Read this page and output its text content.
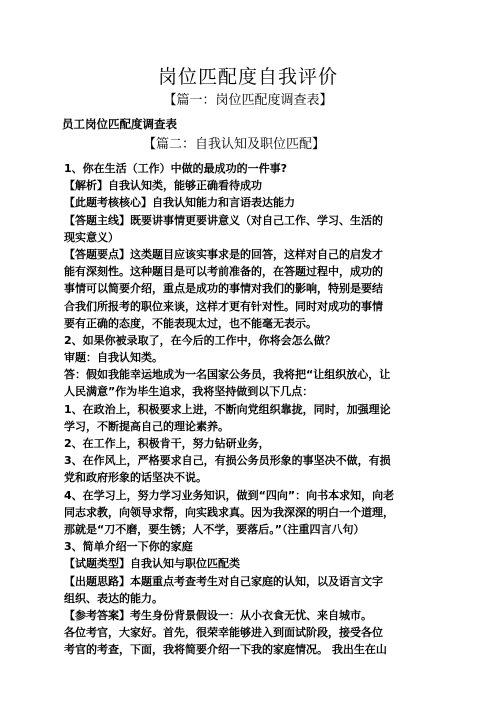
岗位匹配度自我评价
【篇一：岗位匹配度调查表】
员工岗位匹配度调查表
【篇二：自我认知及职位匹配】
1、你在生活（工作）中做的最成功的一件事?
【解析】自我认知类，能够正确看待成功
【此题考核核心】自我认知能力和言语表达能力
【答题主线】既要讲事情更要讲意义（对自己工作、学习、生活的
现实意义）
【答题要点】这类题目应该实事求是的回答，这样对自己的启发才
能有深刻性。这种题目是可以考前准备的，在答题过程中，成功的
事情可以简要介绍，重点是成功的事情对我们的影响，特别是要结
合我们所报考的职位来谈，这样才更有针对性。同时对成功的事情
要有正确的态度，不能表现太过，也不能毫无表示。
2、如果你被录取了，在今后的工作中，你将会怎么做？
审题：自我认知类。
答：假如我能幸运地成为一名国家公务员，我将把“让组织放心，让
人民满意”作为毕生追求，我将坚持做到以下几点：
1、在政治上，积极要求上进，不断向党组织靠拢，同时，加强理论
学习，不断提高自己的理论素养。
2、在工作上，积极肯干，努力钻研业务，
3、在作风上，严格要求自己，有损公务员形象的事坚决不做，有损
党和政府形象的话坚决不说。
4、在学习上，努力学习业务知识，做到“四向”：向书本求知，向老
同志求教，向领导求帮，向实践求真。因为我深深的明白一个道理，
那就是“刀不磨，要生锈；人不学，要落后。”（注重四言八句）
3、简单介绍一下你的家庭
【试题类型】自我认知与职位匹配类
【出题思路】本题重点考查考生对自己家庭的认知，以及语言文字
组织、表达的能力。
【参考答案】考生身份背景假设一：从小衣食无忧、来自城市。
各位考官，大家好。首先，很荣幸能够进入到面试阶段，接受各位
考官的考查，下面，我将简要介绍一下我的家庭情况。 我出生在山
